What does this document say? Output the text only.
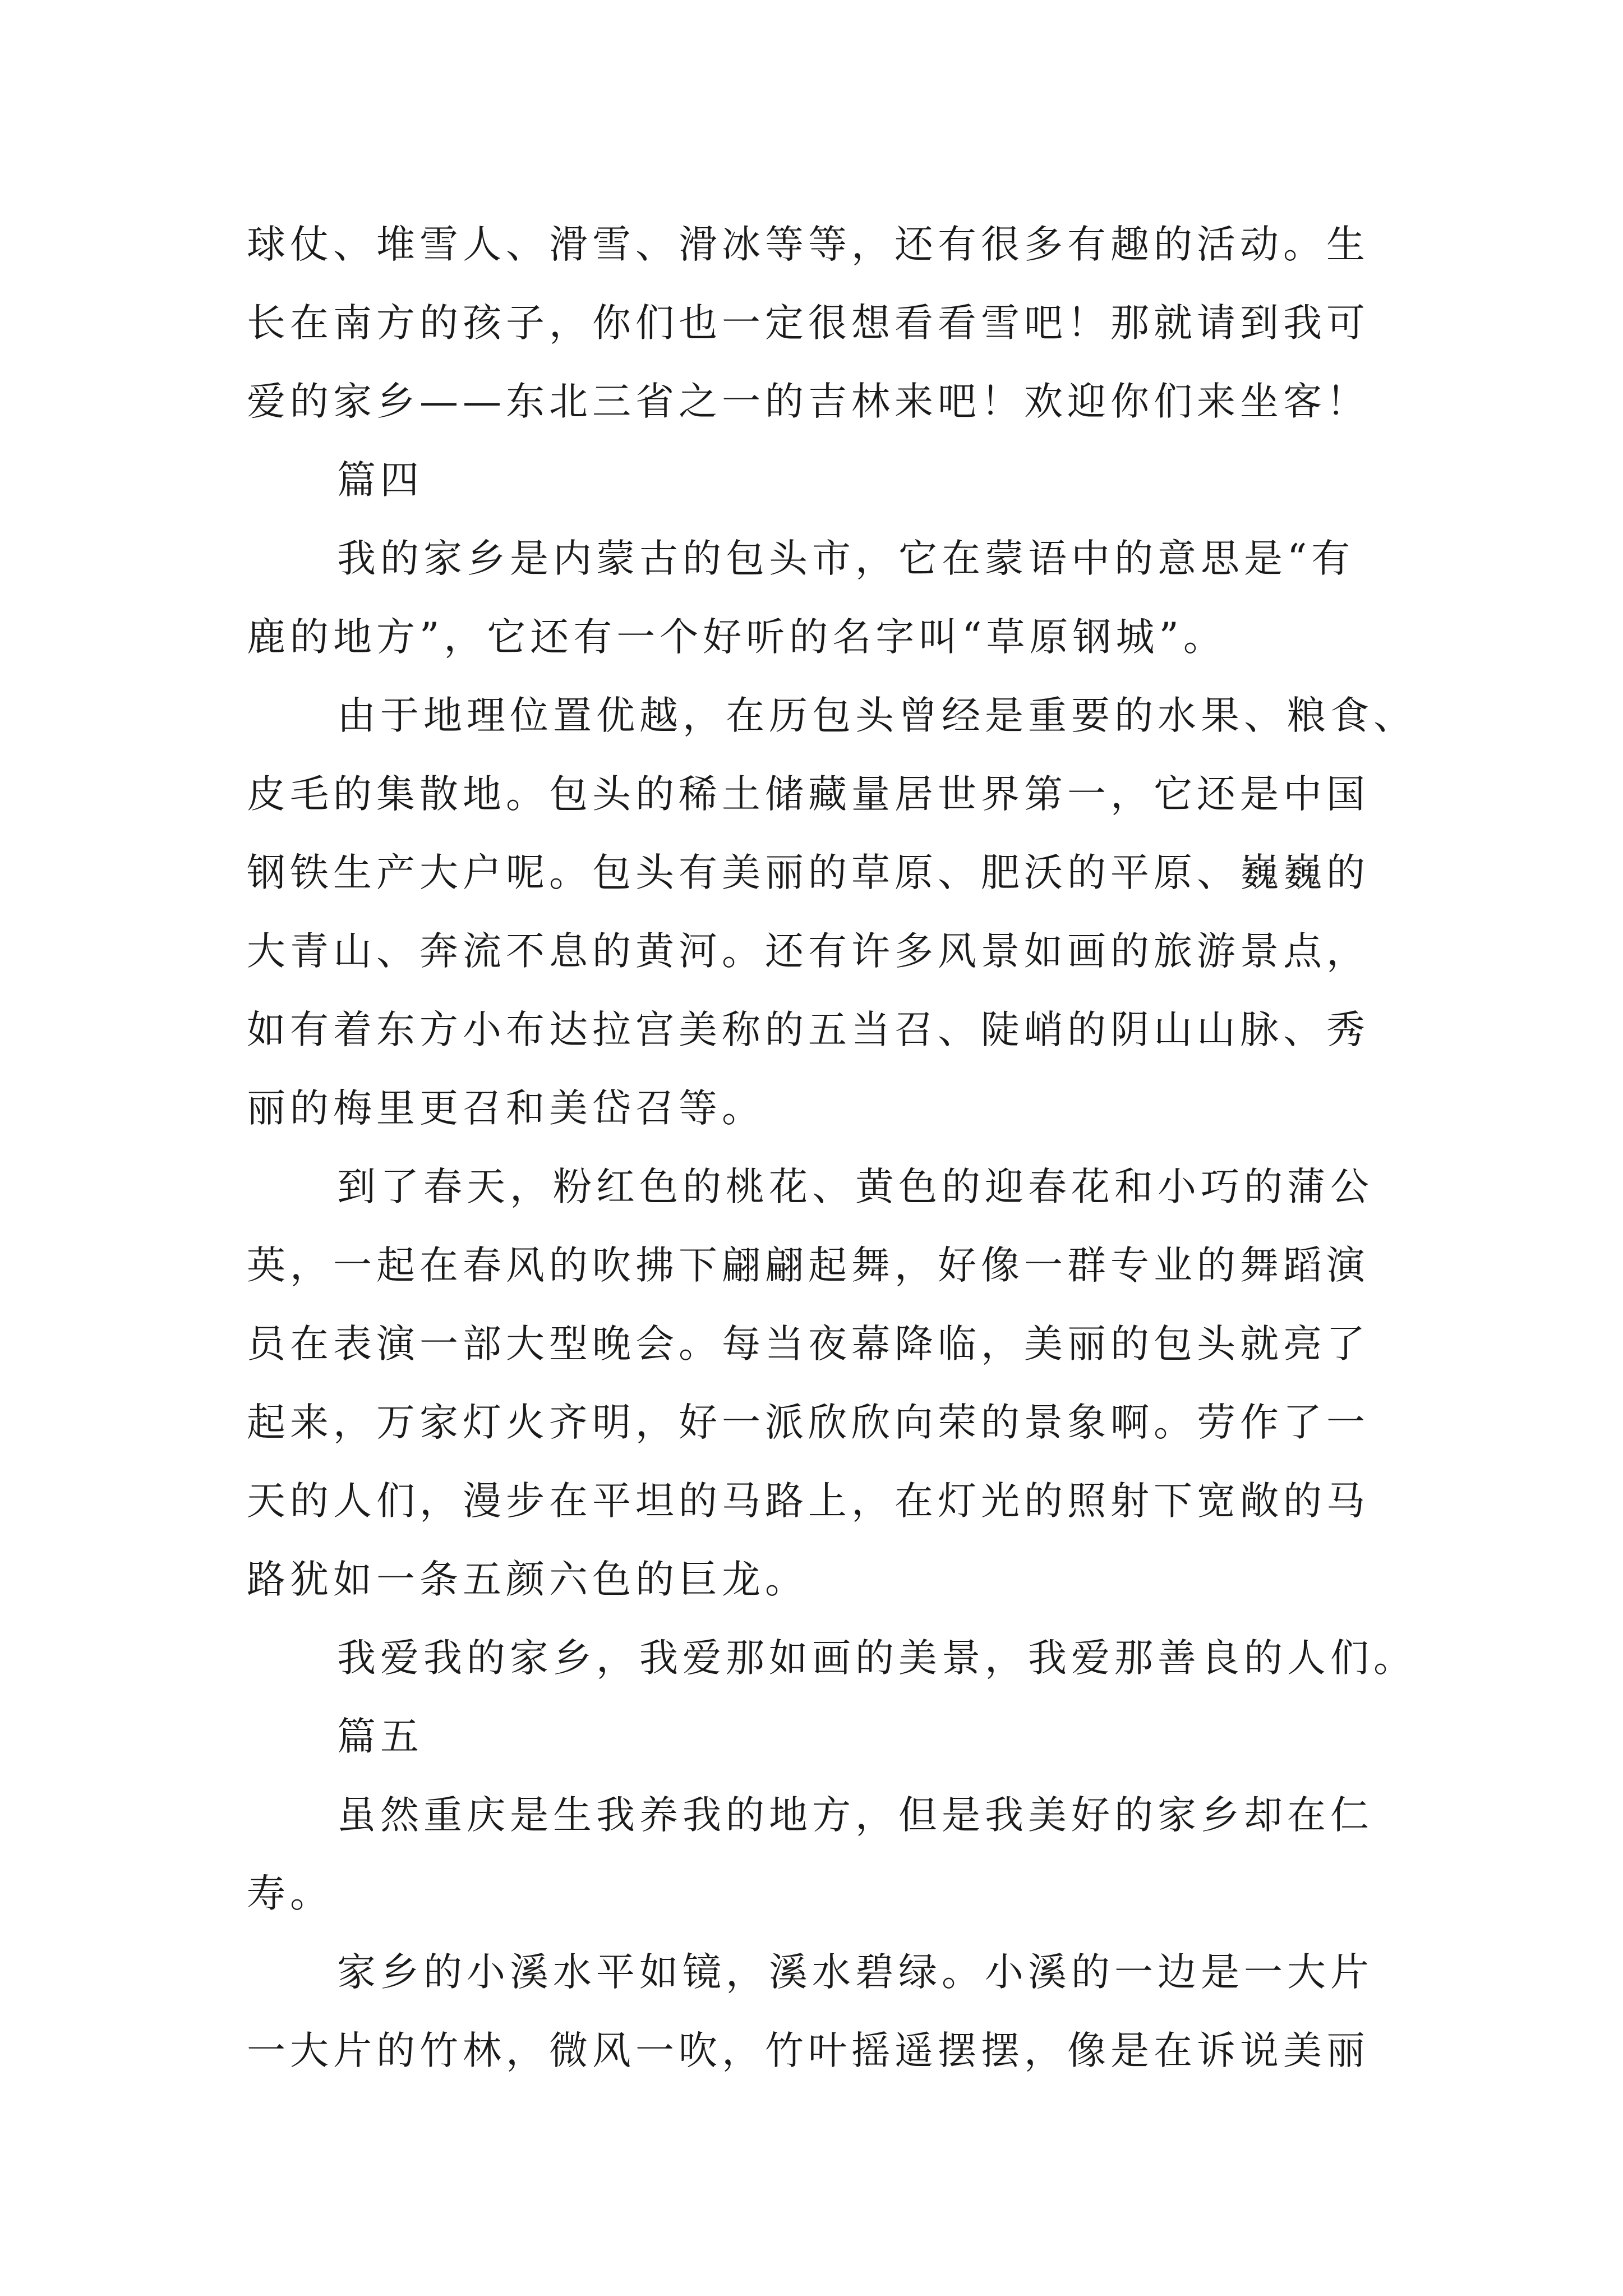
球仗、堆雪人、滑雪、滑冰等等，还有很多有趣的活动。生
长在南方的孩子，你们也一定很想看看雪吧！那就请到我可
爱的家乡——东北三省之一的吉林来吧！欢迎你们来坐客！
篇四
我的家乡是内蒙古的包头市，它在蒙语中的意思是“有
鹿的地方”，它还有一个好听的名字叫“草原钢城”。
由于地理位置优越，在历包头曾经是重要的水果、粮食、
皮毛的集散地。包头的稀土储藏量居世界第一，它还是中国
钢铁生产大户呢。包头有美丽的草原、肥沃的平原、巍巍的
大青山、奔流不息的黄河。还有许多风景如画的旅游景点，
如有着东方小布达拉宫美称的五当召、陡峭的阴山山脉、秀
丽的梅里更召和美岱召等。
到了春天，粉红色的桃花、黄色的迎春花和小巧的蒲公
英，一起在春风的吹拂下翩翩起舞，好像一群专业的舞蹈演
员在表演一部大型晚会。每当夜幕降临，美丽的包头就亮了
起来，万家灯火齐明，好一派欣欣向荣的景象啊。劳作了一
天的人们，漫步在平坦的马路上，在灯光的照射下宽敞的马
路犹如一条五颜六色的巨龙。
我爱我的家乡，我爱那如画的美景，我爱那善良的人们。
篇五
虽然重庆是生我养我的地方，但是我美好的家乡却在仁
寿。
家乡的小溪水平如镜，溪水碧绿。小溪的一边是一大片
一大片的竹林，微风一吹，竹叶摇遥摆摆，像是在诉说美丽
